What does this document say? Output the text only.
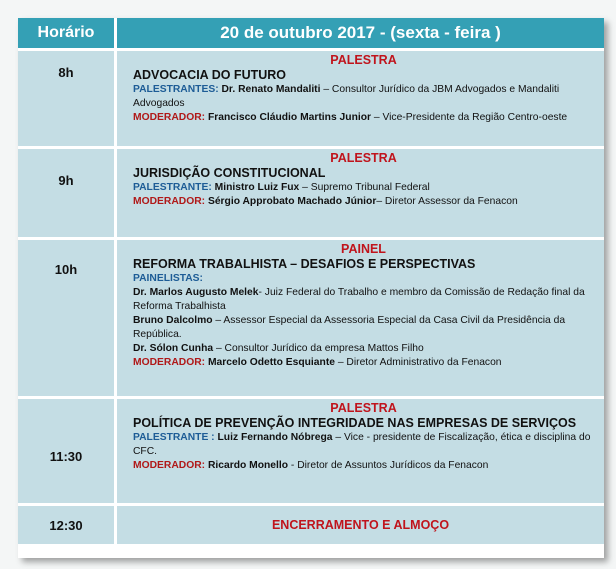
Horário	20 de outubro 2017 - (sexta - feira )
8h
PALESTRA
ADVOCACIA DO FUTURO
PALESTRANTES: Dr. Renato Mandaliti – Consultor Jurídico da JBM Advogados e Mandaliti Advogados
MODERADOR: Francisco Cláudio Martins Junior – Vice-Presidente da Região Centro-oeste
9h
PALESTRA
JURISDIÇÃO CONSTITUCIONAL
PALESTRANTE: Ministro Luiz Fux – Supremo Tribunal Federal
MODERADOR: Sérgio Approbato Machado Júnior– Diretor Assessor da Fenacon
10h
PAINEL
REFORMA TRABALHISTA – DESAFIOS E PERSPECTIVAS
PAINELISTAS:
Dr. Marlos Augusto Melek- Juiz Federal do Trabalho e membro da Comissão de Redação final da Reforma Trabalhista
Bruno Dalcolmo – Assessor Especial da Assessoria Especial da Casa Civil da Presidência da República.
Dr. Sólon Cunha – Consultor Jurídico da empresa Mattos Filho
MODERADOR: Marcelo Odetto Esquiante – Diretor Administrativo da Fenacon
11:30
PALESTRA
POLÍTICA DE PREVENÇÃO INTEGRIDADE NAS EMPRESAS DE SERVIÇOS
PALESTRANTE : Luiz Fernando Nóbrega – Vice - presidente de Fiscalização, ética e disciplina do CFC.
MODERADOR: Ricardo Monello - Diretor de Assuntos Jurídicos da Fenacon
12:30	ENCERRAMENTO E ALMOÇO
